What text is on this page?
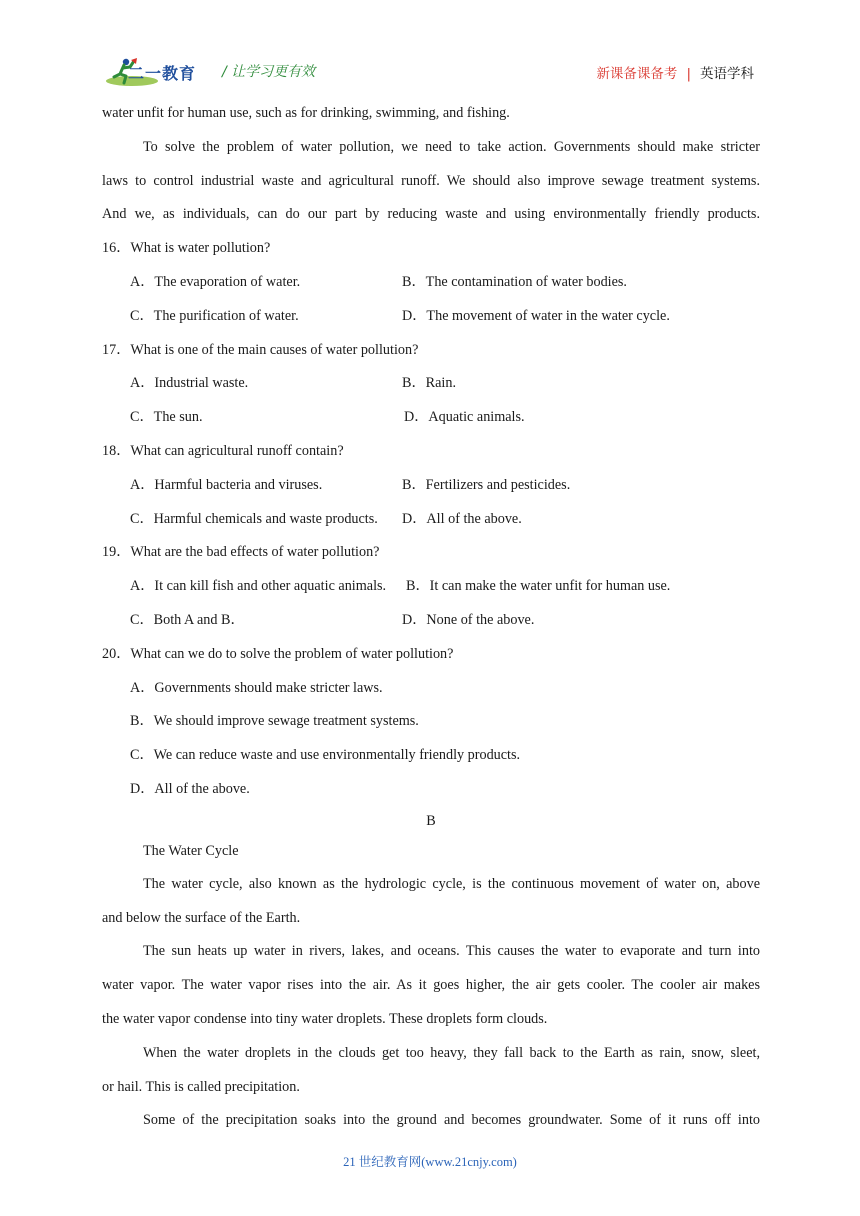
二一教育 / 让学习更有效	新课备课备考 | 英语学科
water unfit for human use, such as for drinking, swimming, and fishing.
To solve the problem of water pollution, we need to take action. Governments should make stricter
laws to control industrial waste and agricultural runoff. We should also improve sewage treatment systems.
And we, as individuals, can do our part by reducing waste and using environmentally friendly products.
16．What is water pollution?
A．The evaporation of water.	B．The contamination of water bodies.
C．The purification of water.	D．The movement of water in the water cycle.
17．What is one of the main causes of water pollution?
A．Industrial waste.	B．Rain.
C．The sun.	D．Aquatic animals.
18．What can agricultural runoff contain?
A．Harmful bacteria and viruses.	B．Fertilizers and pesticides.
C．Harmful chemicals and waste products. D．All of the above.
19．What are the bad effects of water pollution?
A．It can kill fish and other aquatic animals. B．It can make the water unfit for human use.
C．Both A and B．	D．None of the above.
20．What can we do to solve the problem of water pollution?
A．Governments should make stricter laws.
B．We should improve sewage treatment systems.
C．We can reduce waste and use environmentally friendly products.
D．All of the above.
B
The Water Cycle
The water cycle, also known as the hydrologic cycle, is the continuous movement of water on, above
and below the surface of the Earth.
The sun heats up water in rivers, lakes, and oceans. This causes the water to evaporate and turn into
water vapor. The water vapor rises into the air. As it goes higher, the air gets cooler. The cooler air makes
the water vapor condense into tiny water droplets. These droplets form clouds.
When the water droplets in the clouds get too heavy, they fall back to the Earth as rain, snow, sleet,
or hail. This is called precipitation.
Some of the precipitation soaks into the ground and becomes groundwater. Some of it runs off into
21 世纪教育网(www.21cnjy.com)
